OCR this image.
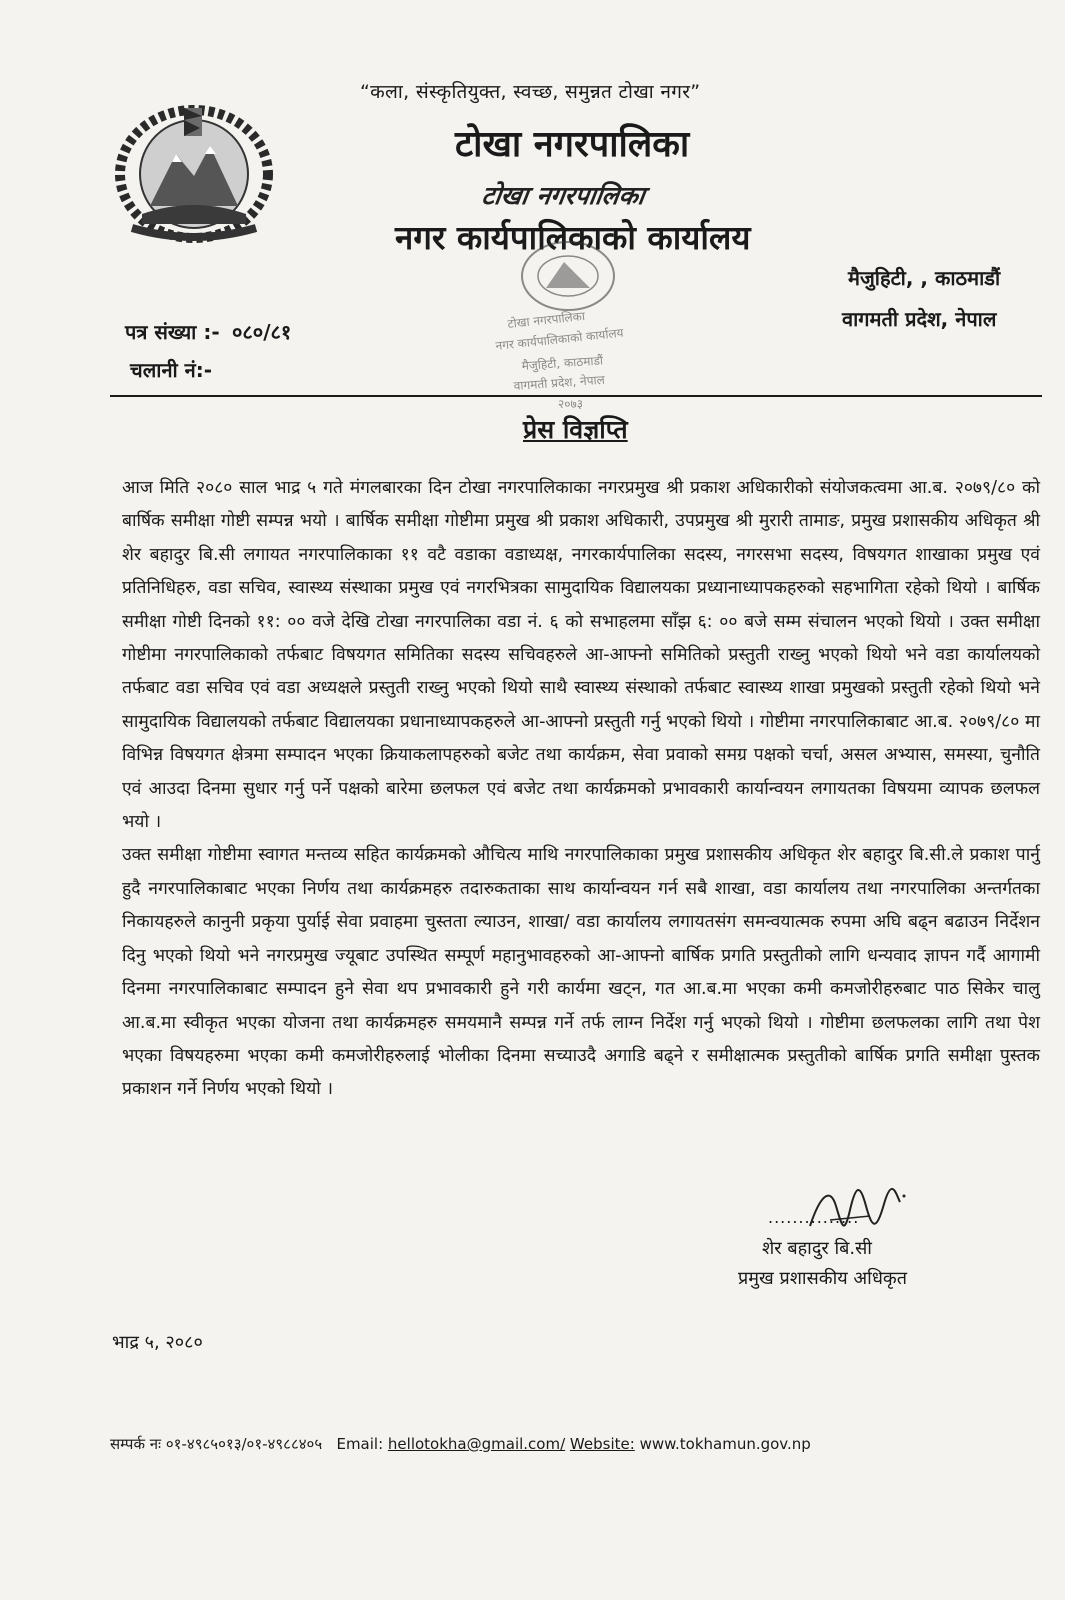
“कला, संस्कृतियुक्त, स्वच्छ, समुन्नत टोखा नगर”
टोखा नगरपालिका
टोखा नगरपालिका
नगर कार्यपालिकाको कार्यालय
टोखा नगरपालिका
नगर कार्यपालिकाको कार्यालय
मैजुहिटी, काठमाडौं
वागमती प्रदेश, नेपाल
२०७३
मैजुहिटी, , काठमाडौं
वागमती प्रदेश, नेपाल
पत्र संख्या :- ०८०/८१
चलानी नं:-
प्रेस विज्ञप्ति

आज मिति २०८० साल भाद्र ५ गते मंगलबारका दिन टोखा नगरपालिकाका नगरप्रमुख श्री प्रकाश अधिकारीको संयोजकत्वमा आ.ब. २०७९/८० को बार्षिक समीक्षा गोष्टी सम्पन्न भयो । बार्षिक समीक्षा गोष्टीमा प्रमुख श्री प्रकाश अधिकारी, उपप्रमुख श्री मुरारी तामाङ, प्रमुख प्रशासकीय अधिकृत श्री शेर बहादुर बि.सी लगायत नगरपालिकाका ११ वटै वडाका वडाध्यक्ष, नगरकार्यपालिका सदस्य, नगरसभा सदस्य, विषयगत शाखाका प्रमुख एवं प्रतिनिधिहरु, वडा सचिव, स्वास्थ्य संस्थाका प्रमुख एवं नगरभित्रका सामुदायिक विद्यालयका प्रध्यानाध्यापकहरुको सहभागिता रहेको थियो । बार्षिक समीक्षा गोष्टी दिनको ११: ०० वजे देखि टोखा नगरपालिका वडा नं. ६ को सभाहलमा साँझ ६: ०० बजे सम्म संचालन भएको थियो । उक्त समीक्षा गोष्टीमा नगरपालिकाको तर्फबाट विषयगत समितिका सदस्य सचिवहरुले आ-आफ्नो समितिको प्रस्तुती राख्नु भएको थियो भने वडा कार्यालयको तर्फबाट वडा सचिव एवं वडा अध्यक्षले प्रस्तुती राख्नु भएको थियो साथै स्वास्थ्य संस्थाको तर्फबाट स्वास्थ्य शाखा प्रमुखको प्रस्तुती रहेको थियो भने सामुदायिक विद्यालयको तर्फबाट विद्यालयका प्रधानाध्यापकहरुले आ-आफ्नो प्रस्तुती गर्नु भएको थियो । गोष्टीमा नगरपालिकाबाट आ.ब. २०७९/८० मा विभिन्न विषयगत क्षेत्रमा सम्पादन भएका क्रियाकलापहरुको बजेट तथा कार्यक्रम, सेवा प्रवाको समग्र पक्षको चर्चा, असल अभ्यास, समस्या, चुनौति एवं आउदा दिनमा सुधार गर्नु पर्ने पक्षको बारेमा छलफल एवं बजेट तथा कार्यक्रमको प्रभावकारी कार्यान्वयन लगायतका विषयमा व्यापक छलफल भयो ।

उक्त समीक्षा गोष्टीमा स्वागत मन्तव्य सहित कार्यक्रमको औचित्य माथि नगरपालिकाका प्रमुख प्रशासकीय अधिकृत शेर बहादुर बि.सी.ले प्रकाश पार्नु हुदै नगरपालिकाबाट भएका निर्णय तथा कार्यक्रमहरु तदारुकताका साथ कार्यान्वयन गर्न सबै शाखा, वडा कार्यालय तथा नगरपालिका अन्तर्गतका निकायहरुले कानुनी प्रकृया पुर्याई सेवा प्रवाहमा चुस्तता ल्याउन, शाखा/ वडा कार्यालय लगायतसंग समन्वयात्मक रुपमा अघि बढ्न बढाउन निर्देशन दिनु भएको थियो भने नगरप्रमुख ज्यूबाट उपस्थित सम्पूर्ण महानुभावहरुको आ-आफ्नो बार्षिक प्रगति प्रस्तुतीको लागि धन्यवाद ज्ञापन गर्दै आगामी दिनमा नगरपालिकाबाट सम्पादन हुने सेवा थप प्रभावकारी हुने गरी कार्यमा खट्न, गत आ.ब.मा भएका कमी कमजोरीहरुबाट पाठ सिकेर चालु आ.ब.मा स्वीकृत भएका योजना तथा कार्यक्रमहरु समयमानै सम्पन्न गर्ने तर्फ लाग्न निर्देश गर्नु भएको थियो । गोष्टीमा छलफलका लागि तथा पेश भएका विषयहरुमा भएका कमी कमजोरीहरुलाई भोलीका दिनमा सच्याउदै अगाडि बढ्ने र समीक्षात्मक प्रस्तुतीको बार्षिक प्रगति समीक्षा पुस्तक प्रकाशन गर्ने निर्णय भएको थियो ।

...............
शेर बहादुर बि.सी
प्रमुख प्रशासकीय अधिकृत
भाद्र ५, २०८०
सम्पर्क नः ०१-४९८५०१३/०१-४९८८४०५ Email: hellotokha@gmail.com/ Website: www.tokhamun.gov.np
